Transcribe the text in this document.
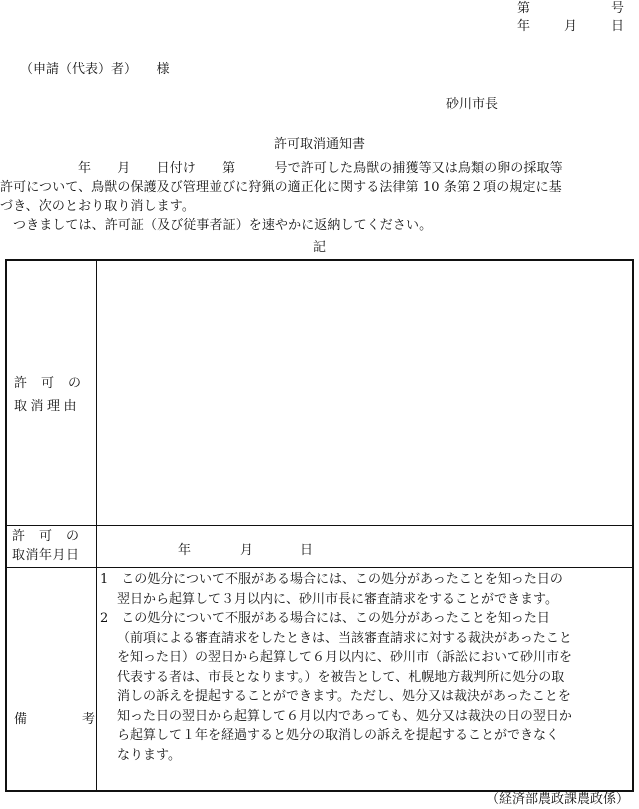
第	号
年	月	日
（申請（代表）者）　　様
砂川市長
許可取消通知書

年　　月　　日付け　　第　　　号で許可した鳥獣の捕獲等又は鳥類の卵の採取等

許可について、鳥獣の保護及び管理並びに狩猟の適正化に関する法律第 10 条第２項の規定に基

づき、次のとおり取り消します。

つきましては、許可証（及び従事者証）を速やかに返納してください。

記
許可の
取消理由
許可の
取消年月日	年	月	日
備考

1　この処分について不服がある場合には、この処分があったことを知った日の

翌日から起算して３月以内に、砂川市長に審査請求をすることができます。

2　この処分について不服がある場合には、この処分があったことを知った日

（前項による審査請求をしたときは、当該審査請求に対する裁決があったこと

を知った日）の翌日から起算して６月以内に、砂川市（訴訟において砂川市を

代表する者は、市長となります。）を被告として、札幌地方裁判所に処分の取

消しの訴えを提起することができます。ただし、処分又は裁決があったことを

知った日の翌日から起算して６月以内であっても、処分又は裁決の日の翌日か

ら起算して１年を経過すると処分の取消しの訴えを提起することができなく

なります。

（経済部農政課農政係）
